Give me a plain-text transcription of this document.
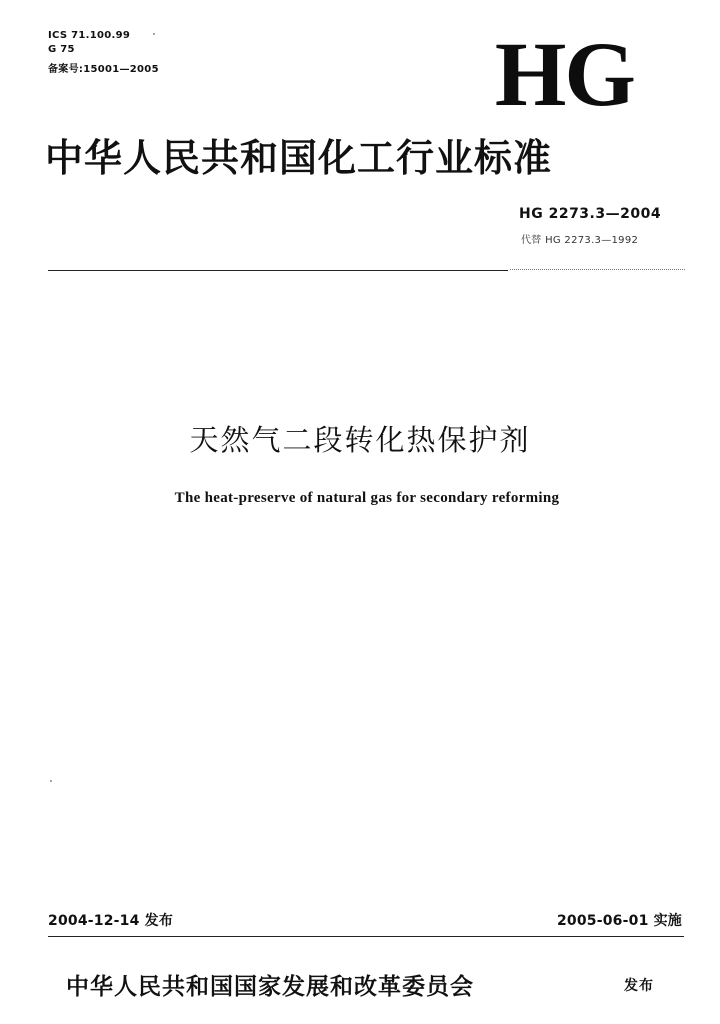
ICS 71.100.99
G 75
备案号:15001—2005	HG
中华人民共和国化工行业标准
HG 2273.3—2004
代替 HG 2273.3—1992
天然气二段转化热保护剂
The heat-preserve of natural gas for secondary reforming
2004-12-14 发布	2005-06-01 实施
中华人民共和国国家发展和改革委员会	发布
